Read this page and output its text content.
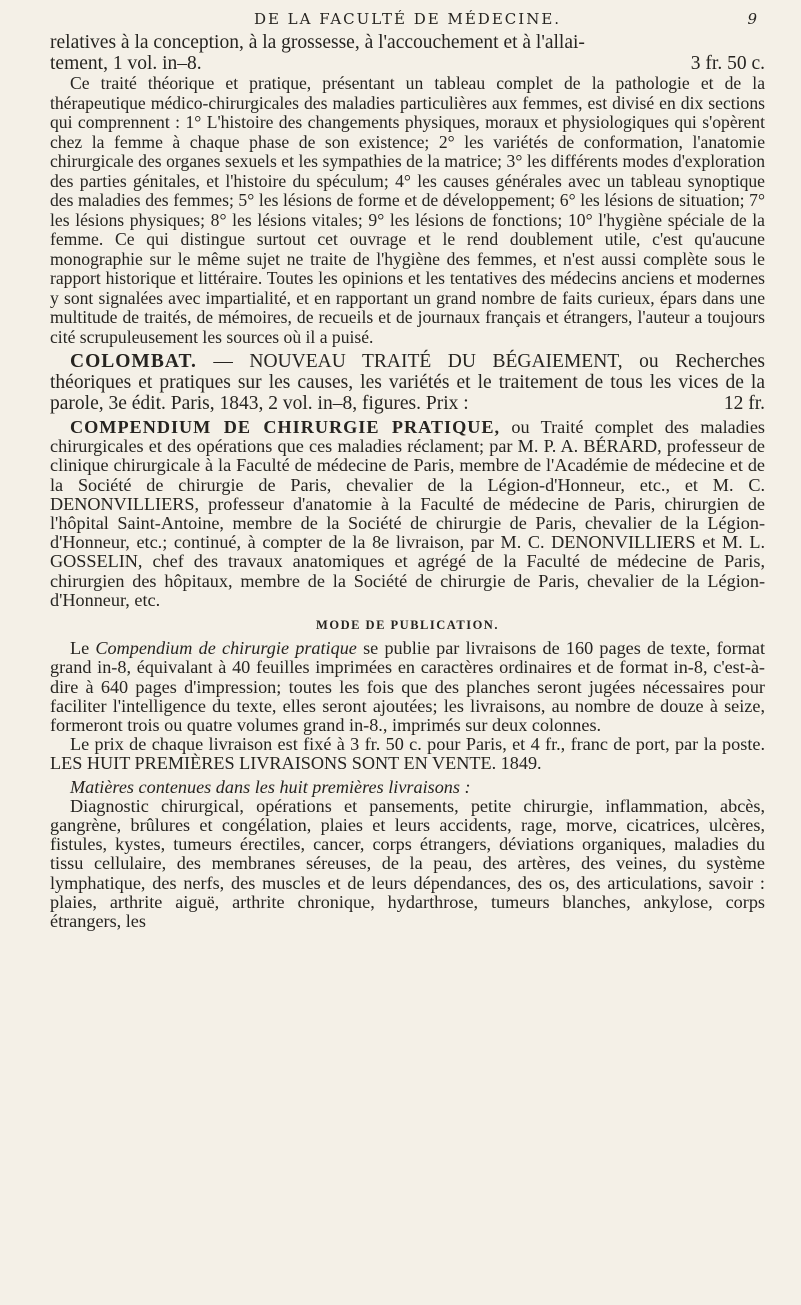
DE LA FACULTÉ DE MÉDECINE.	9

relatives à la conception, à la grossesse, à l'accouchement et à l'allai-

tement, 1 vol. in–8.	3 fr. 50 c.

Ce traité théorique et pratique, présentant un tableau complet de la pathologie et de la thérapeutique médico-chirurgicales des maladies particulières aux femmes, est divisé en dix sections qui comprennent : 1° L'histoire des changements physiques, moraux et physiologiques qui s'opèrent chez la femme à chaque phase de son existence; 2° les variétés de conformation, l'anatomie chirurgicale des organes sexuels et les sympathies de la matrice; 3° les différents modes d'exploration des parties génitales, et l'histoire du spéculum; 4° les causes générales avec un tableau synoptique des maladies des femmes; 5° les lésions de forme et de développement; 6° les lésions de situation; 7° les lésions physiques; 8° les lésions vitales; 9° les lésions de fonctions; 10° l'hygiène spéciale de la femme. Ce qui distingue surtout cet ouvrage et le rend doublement utile, c'est qu'aucune monographie sur le même sujet ne traite de l'hygiène des femmes, et n'est aussi complète sous le rapport historique et littéraire. Toutes les opinions et les tentatives des médecins anciens et modernes y sont signalées avec impartialité, et en rapportant un grand nombre de faits curieux, épars dans une multitude de traités, de mémoires, de recueils et de journaux français et étrangers, l'auteur a toujours cité scrupuleusement les sources où il a puisé.

COLOMBAT. — NOUVEAU TRAITÉ DU BÉGAIEMENT, ou Recherches théoriques et pratiques sur les causes, les variétés et le traitement de tous les vices de la parole, 3e édit. Paris, 1843, 2 vol. in–8, figures. Prix :	12 fr.

COMPENDIUM DE CHIRURGIE PRATIQUE, ou Traité complet des maladies chirurgicales et des opérations que ces maladies réclament; par M. P. A. BÉRARD, professeur de clinique chirurgicale à la Faculté de médecine de Paris, membre de l'Académie de médecine et de la Société de chirurgie de Paris, chevalier de la Légion-d'Honneur, etc., et M. C. DENONVILLIERS, professeur d'anatomie à la Faculté de médecine de Paris, chirurgien de l'hôpital Saint-Antoine, membre de la Société de chirurgie de Paris, chevalier de la Légion-d'Honneur, etc.; continué, à compter de la 8e livraison, par M. C. DENONVILLIERS et M. L. GOSSELIN, chef des travaux anatomiques et agrégé de la Faculté de médecine de Paris, chirurgien des hôpitaux, membre de la Société de chirurgie de Paris, chevalier de la Légion-d'Honneur, etc.

MODE DE PUBLICATION.

Le Compendium de chirurgie pratique se publie par livraisons de 160 pages de texte, format grand in-8, équivalant à 40 feuilles imprimées en caractères ordinaires et de format in-8, c'est-à-dire à 640 pages d'impression; toutes les fois que des planches seront jugées nécessaires pour faciliter l'intelligence du texte, elles seront ajoutées; les livraisons, au nombre de douze à seize, formeront trois ou quatre volumes grand in-8., imprimés sur deux colonnes.

Le prix de chaque livraison est fixé à 3 fr. 50 c. pour Paris, et 4 fr., franc de port, par la poste. LES HUIT PREMIÈRES LIVRAISONS SONT EN VENTE. 1849.

Matières contenues dans les huit premières livraisons :

Diagnostic chirurgical, opérations et pansements, petite chirurgie, inflammation, abcès, gangrène, brûlures et congélation, plaies et leurs accidents, rage, morve, cicatrices, ulcères, fistules, kystes, tumeurs érectiles, cancer, corps étrangers, déviations organiques, maladies du tissu cellulaire, des membranes séreuses, de la peau, des artères, des veines, du système lymphatique, des nerfs, des muscles et de leurs dépendances, des os, des articulations, savoir : plaies, arthrite aiguë, arthrite chronique, hydarthrose, tumeurs blanches, ankylose, corps étrangers, les
